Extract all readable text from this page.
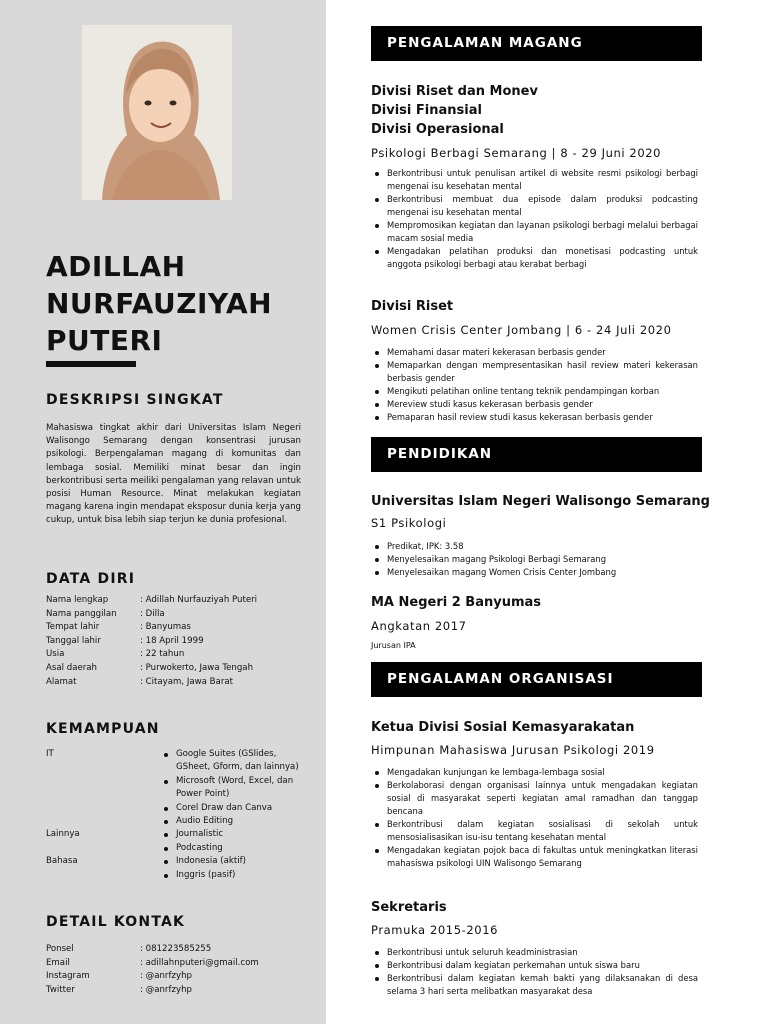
ADILLAH
NURFAUZIYAH
PUTERI
DESKRIPSI SINGKAT
Mahasiswa tingkat akhir dari Universitas Islam Negeri Walisongo Semarang dengan konsentrasi jurusan psikologi. Berpengalaman magang di komunitas dan lembaga sosial. Memiliki minat besar dan ingin berkontribusi serta meiliki pengalaman yang relavan untuk posisi Human Resource. Minat melakukan kegiatan magang karena ingin mendapat eksposur dunia kerja yang cukup, untuk bisa lebih siap terjun ke dunia profesional.
DATA DIRI
Nama lengkap	: Adillah Nurfauziyah Puteri
Nama panggilan	: Dilla
Tempat lahir	: Banyumas
Tanggal lahir	: 18 April 1999
Usia	: 22 tahun
Asal daerah	: Purwokerto, Jawa Tengah
Alamat	: Citayam, Jawa Barat
KEMAMPUAN
IT	Google Suites (GSlides, GSheet, Gform, dan lainnya)
Microsoft (Word, Excel, dan Power Point)
Corel Draw dan Canva
Audio Editing
Lainnya	Journalistic
Podcasting
Bahasa	Indonesia (aktif)
Inggris (pasif)
DETAIL KONTAK
Ponsel	: 081223585255
Email	: adillahnputeri@gmail.com
Instagram	: @anrfzyhp
Twitter	: @anrfzyhp
PENGALAMAN MAGANG
Divisi Riset dan Monev
Divisi Finansial
Divisi Operasional
Psikologi Berbagi Semarang | 8 - 29 Juni 2020
Berkontribusi untuk penulisan artikel di website resmi psikologi berbagi mengenai isu kesehatan mental
Berkontribusi membuat dua episode dalam produksi podcasting mengenai isu kesehatan mental
Mempromosikan kegiatan dan layanan psikologi berbagi melalui berbagai macam sosial media
Mengadakan pelatihan produksi dan monetisasi podcasting untuk anggota psikologi berbagi atau kerabat berbagi
Divisi Riset
Women Crisis Center Jombang | 6 - 24 Juli 2020
Memahami dasar materi kekerasan berbasis gender
Memaparkan dengan mempresentasikan hasil review materi kekerasan berbasis gender
Mengikuti pelatihan online tentang teknik pendampingan korban
Mereview studi kasus kekerasan berbasis gender
Pemaparan hasil review studi kasus kekerasan berbasis gender
PENDIDIKAN
Universitas Islam Negeri Walisongo Semarang
S1 Psikologi
Predikat, IPK: 3.58
Menyelesaikan magang Psikologi Berbagi Semarang
Menyelesaikan magang Women Crisis Center Jombang
MA Negeri 2 Banyumas
Angkatan 2017
Jurusan IPA
PENGALAMAN ORGANISASI
Ketua Divisi Sosial Kemasyarakatan
Himpunan Mahasiswa Jurusan Psikologi 2019
Mengadakan kunjungan ke lembaga-lembaga sosial
Berkolaborasi dengan organisasi lainnya untuk mengadakan kegiatan sosial di masyarakat seperti kegiatan amal ramadhan dan tanggap bencana
Berkontribusi dalam kegiatan sosialisasi di sekolah untuk mensosialisasikan isu-isu tentang kesehatan mental
Mengadakan kegiatan pojok baca di fakultas untuk meningkatkan literasi mahasiswa psikologi UIN Walisongo Semarang
Sekretaris
Pramuka 2015-2016
Berkontribusi untuk seluruh keadministrasian
Berkontribusi dalam kegiatan perkemahan untuk siswa baru
Berkontribusi dalam kegiatan kemah bakti yang dilaksanakan di desa selama 3 hari serta melibatkan masyarakat desa
